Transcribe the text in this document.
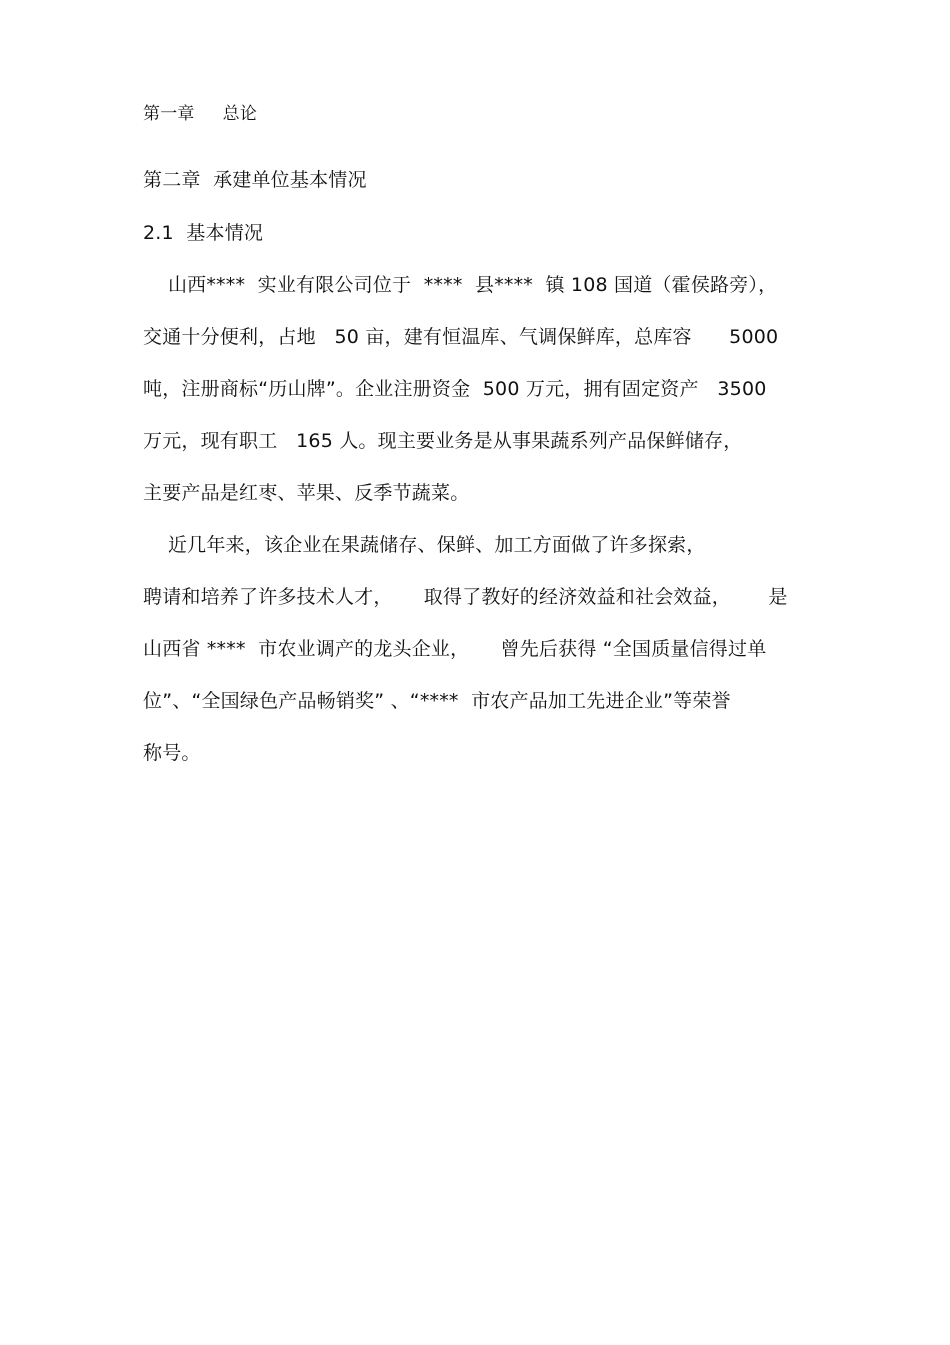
第一章     总论
第二章  承建单位基本情况
2.1  基本情况
山西****  实业有限公司位于  ****  县****  镇 108 国道（霍侯路旁），
交通十分便利，占地   50 亩，建有恒温库、气调保鲜库，总库容      5000
吨，注册商标“历山牌”。企业注册资金  500 万元，拥有固定资产   3500
万元，现有职工   165 人。现主要业务是从事果蔬系列产品保鲜储存，
主要产品是红枣、苹果、反季节蔬菜。
近几年来，该企业在果蔬储存、保鲜、加工方面做了许多探索，
聘请和培养了许多技术人才，     取得了教好的经济效益和社会效益，      是
山西省 ****  市农业调产的龙头企业，     曾先后获得 “全国质量信得过单
位”、“全国绿色产品畅销奖” 、“****  市农产品加工先进企业”等荣誉
称号。
